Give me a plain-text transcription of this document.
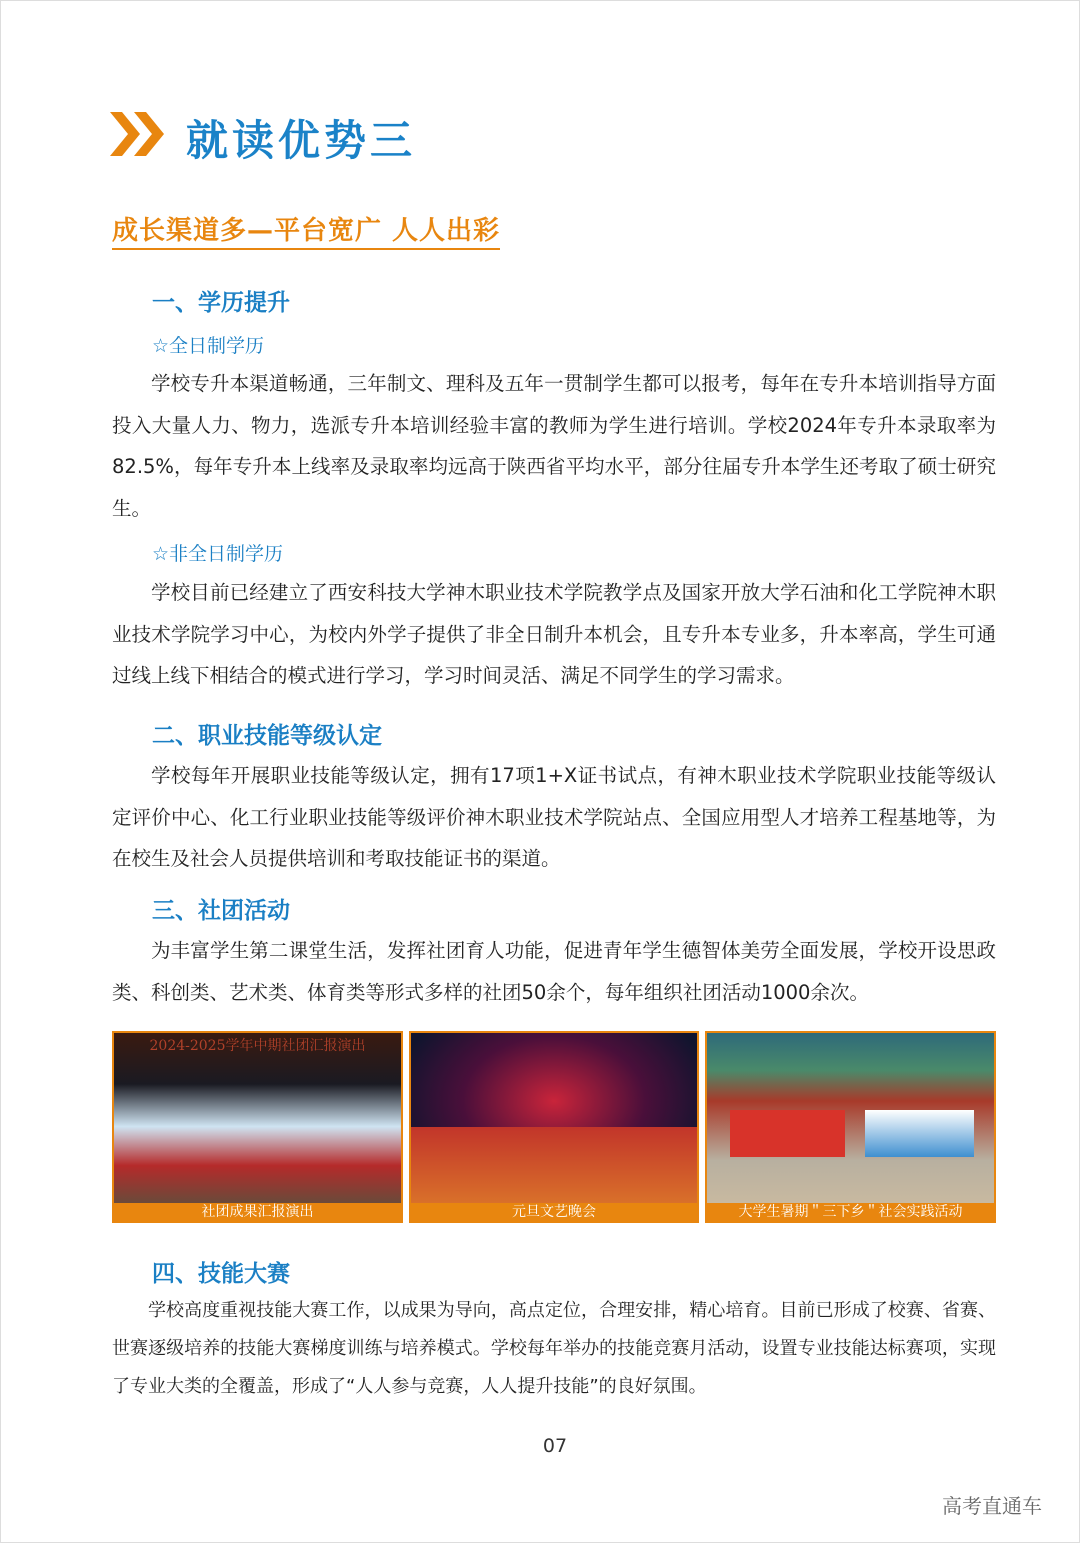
就读优势三
成长渠道多—平台宽广 人人出彩
一、学历提升
☆全日制学历
学校专升本渠道畅通，三年制文、理科及五年一贯制学生都可以报考，每年在专升本培训指导方面投入大量人力、物力，选派专升本培训经验丰富的教师为学生进行培训。学校2024年专升本录取率为82.5%，每年专升本上线率及录取率均远高于陕西省平均水平，部分往届专升本学生还考取了硕士研究生。
☆非全日制学历
学校目前已经建立了西安科技大学神木职业技术学院教学点及国家开放大学石油和化工学院神木职业技术学院学习中心，为校内外学子提供了非全日制升本机会，且专升本专业多，升本率高，学生可通过线上线下相结合的模式进行学习，学习时间灵活、满足不同学生的学习需求。
二、职业技能等级认定
学校每年开展职业技能等级认定，拥有17项1+X证书试点，有神木职业技术学院职业技能等级认定评价中心、化工行业职业技能等级评价神木职业技术学院站点、全国应用型人才培养工程基地等，为在校生及社会人员提供培训和考取技能证书的渠道。
三、社团活动
为丰富学生第二课堂生活，发挥社团育人功能，促进青年学生德智体美劳全面发展，学校开设思政类、科创类、艺术类、体育类等形式多样的社团50余个，每年组织社团活动1000余次。
2024-2025学年中期社团汇报演出
社团成果汇报演出	元旦文艺晚会	大学生暑期＂三下乡＂社会实践活动
四、技能大赛
学校高度重视技能大赛工作，以成果为导向，高点定位，合理安排，精心培育。目前已形成了校赛、省赛、世赛逐级培养的技能大赛梯度训练与培养模式。学校每年举办的技能竞赛月活动，设置专业技能达标赛项，实现了专业大类的全覆盖，形成了“人人参与竞赛，人人提升技能”的良好氛围。
07
高考直通车
